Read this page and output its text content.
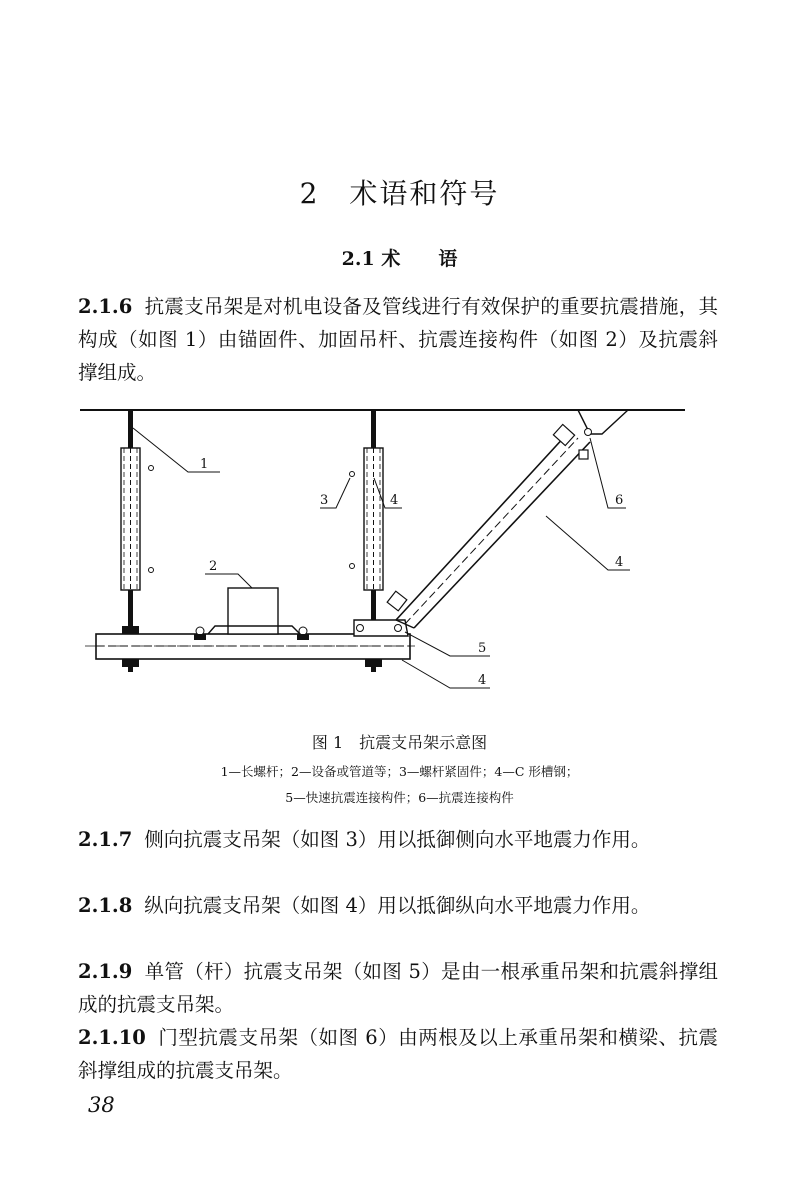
2　术语和符号
2.1 术　　语
2.1.6 抗震支吊架是对机电设备及管线进行有效保护的重要抗震措施，其构成（如图 1）由锚固件、加固吊杆、抗震连接构件（如图 2）及抗震斜撑组成。
1
2
3	4	6
4
5
4
图 1　抗震支吊架示意图
1—长螺杆；2—设备或管道等；3—螺杆紧固件；4—C 形槽钢；
5—快速抗震连接构件；6—抗震连接构件
2.1.7 侧向抗震支吊架（如图 3）用以抵御侧向水平地震力作用。
2.1.8 纵向抗震支吊架（如图 4）用以抵御纵向水平地震力作用。
2.1.9 单管（杆）抗震支吊架（如图 5）是由一根承重吊架和抗震斜撑组成的抗震支吊架。
2.1.10 门型抗震支吊架（如图 6）由两根及以上承重吊架和横梁、抗震斜撑组成的抗震支吊架。
38
